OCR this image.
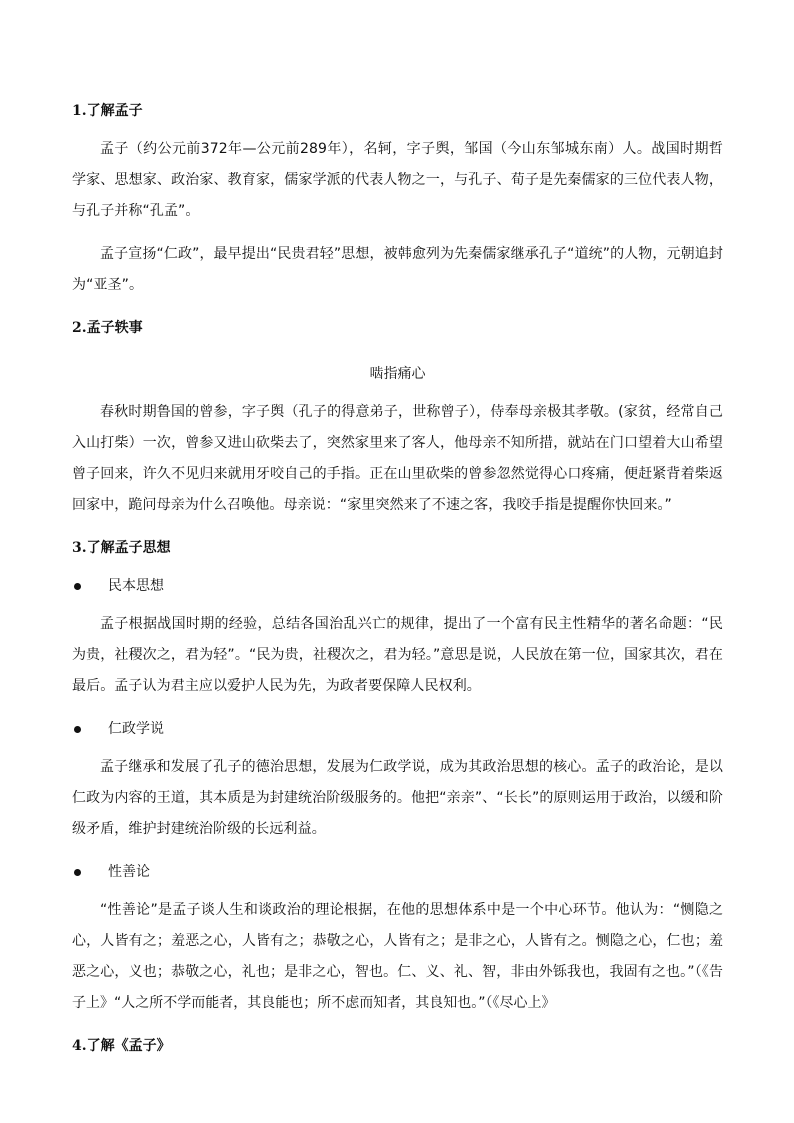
1.了解孟子

孟子（约公元前372年—公元前289年），名轲，字子舆，邹国（今山东邹城东南）人。战国时期哲学家、思想家、政治家、教育家，儒家学派的代表人物之一，与孔子、荀子是先秦儒家的三位代表人物，与孔子并称“孔孟”。

孟子宣扬“仁政”，最早提出“民贵君轻”思想，被韩愈列为先秦儒家继承孔子“道统”的人物，元朝追封为“亚圣”。

2.孟子轶事

啮指痛心

春秋时期鲁国的曾参，字子舆（孔子的得意弟子，世称曾子），侍奉母亲极其孝敬。(家贫，经常自己入山打柴）一次，曾参又进山砍柴去了，突然家里来了客人，他母亲不知所措，就站在门口望着大山希望曾子回来，许久不见归来就用牙咬自己的手指。正在山里砍柴的曾参忽然觉得心口疼痛，便赶紧背着柴返回家中，跪问母亲为什么召唤他。母亲说：“家里突然来了不速之客，我咬手指是提醒你快回来。”

3.了解孟子思想
民本思想

孟子根据战国时期的经验，总结各国治乱兴亡的规律，提出了一个富有民主性精华的著名命题：“民为贵，社稷次之，君为轻”。“民为贵，社稷次之，君为轻。”意思是说，人民放在第一位，国家其次，君在最后。孟子认为君主应以爱护人民为先，为政者要保障人民权利。

仁政学说

孟子继承和发展了孔子的德治思想，发展为仁政学说，成为其政治思想的核心。孟子的政治论，是以仁政为内容的王道，其本质是为封建统治阶级服务的。他把“亲亲”、“长长”的原则运用于政治，以缓和阶级矛盾，维护封建统治阶级的长远利益。

性善论

“性善论”是孟子谈人生和谈政治的理论根据，在他的思想体系中是一个中心环节。他认为：“恻隐之心，人皆有之；羞恶之心，人皆有之；恭敬之心，人皆有之；是非之心，人皆有之。恻隐之心，仁也；羞恶之心，义也；恭敬之心，礼也；是非之心，智也。仁、义、礼、智，非由外铄我也，我固有之也。”（《告子上》“人之所不学而能者，其良能也；所不虑而知者，其良知也。”（《尽心上》

4.了解《孟子》
